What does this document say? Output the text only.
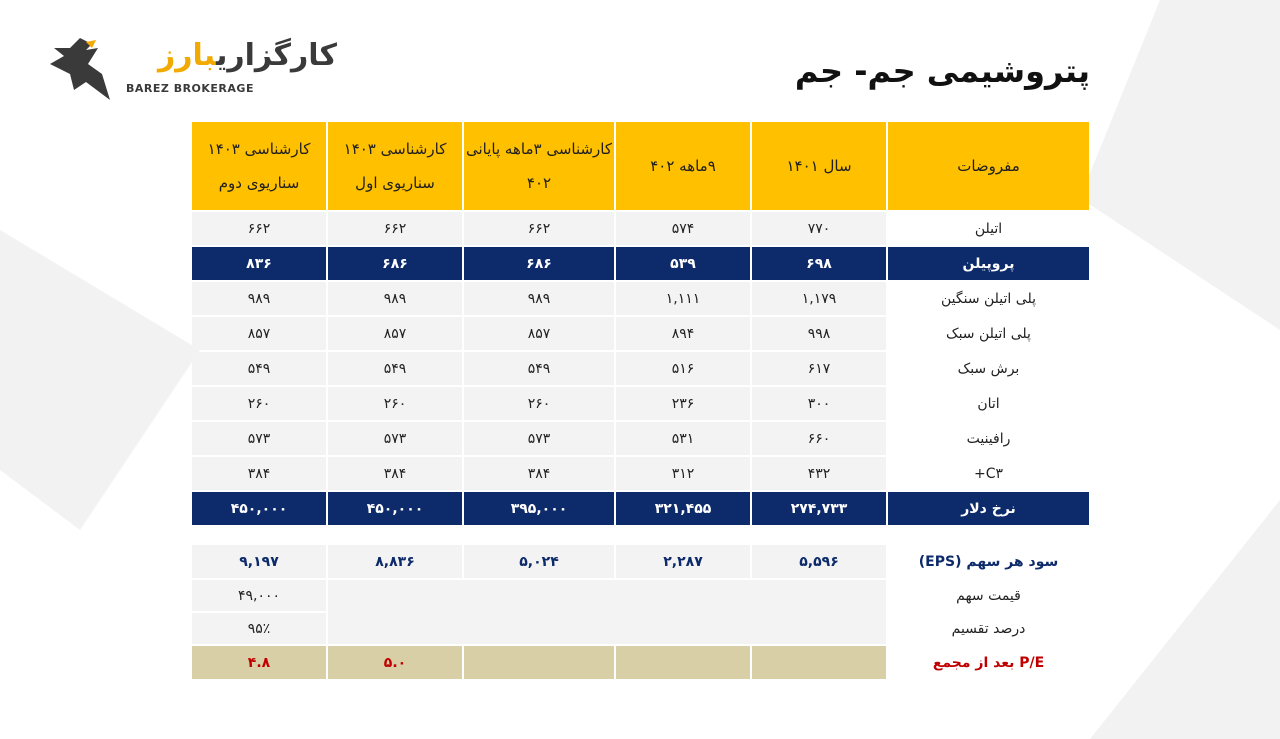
کارگزاریبارز
BAREZ BROKERAGE	پتروشیمی جم- جم
مفروضات	سال ۱۴۰۱	۹ماهه ۴۰۲	کارشناسی ۳ماهه پایانی ۴۰۲	کارشناسی ۱۴۰۳ سناریوی اول	کارشناسی ۱۴۰۳ سناریوی دوم
اتیلن	۷۷۰	۵۷۴	۶۶۲	۶۶۲	۶۶۲
پروپیلن	۶۹۸	۵۳۹	۶۸۶	۶۸۶	۸۳۶
پلی اتیلن سنگین	۱,۱۷۹	۱,۱۱۱	۹۸۹	۹۸۹	۹۸۹
پلی اتیلن سبک	۹۹۸	۸۹۴	۸۵۷	۸۵۷	۸۵۷
برش سبک	۶۱۷	۵۱۶	۵۴۹	۵۴۹	۵۴۹
اتان	۳۰۰	۲۳۶	۲۶۰	۲۶۰	۲۶۰
رافینیت	۶۶۰	۵۳۱	۵۷۳	۵۷۳	۵۷۳
C۳+	۴۳۲	۳۱۲	۳۸۴	۳۸۴	۳۸۴
نرخ دلار	۲۷۴,۷۳۳	۳۲۱,۴۵۵	۳۹۵,۰۰۰	۴۵۰,۰۰۰	۴۵۰,۰۰۰

سود هر سهم (EPS)	۵,۵۹۶	۲,۲۸۷	۵,۰۲۴	۸,۸۳۶	۹,۱۹۷
قیمت سهم					۴۹,۰۰۰
درصد تقسیم					۹۵٪
P/E بعد از مجمع				۵.۰	۴.۸
